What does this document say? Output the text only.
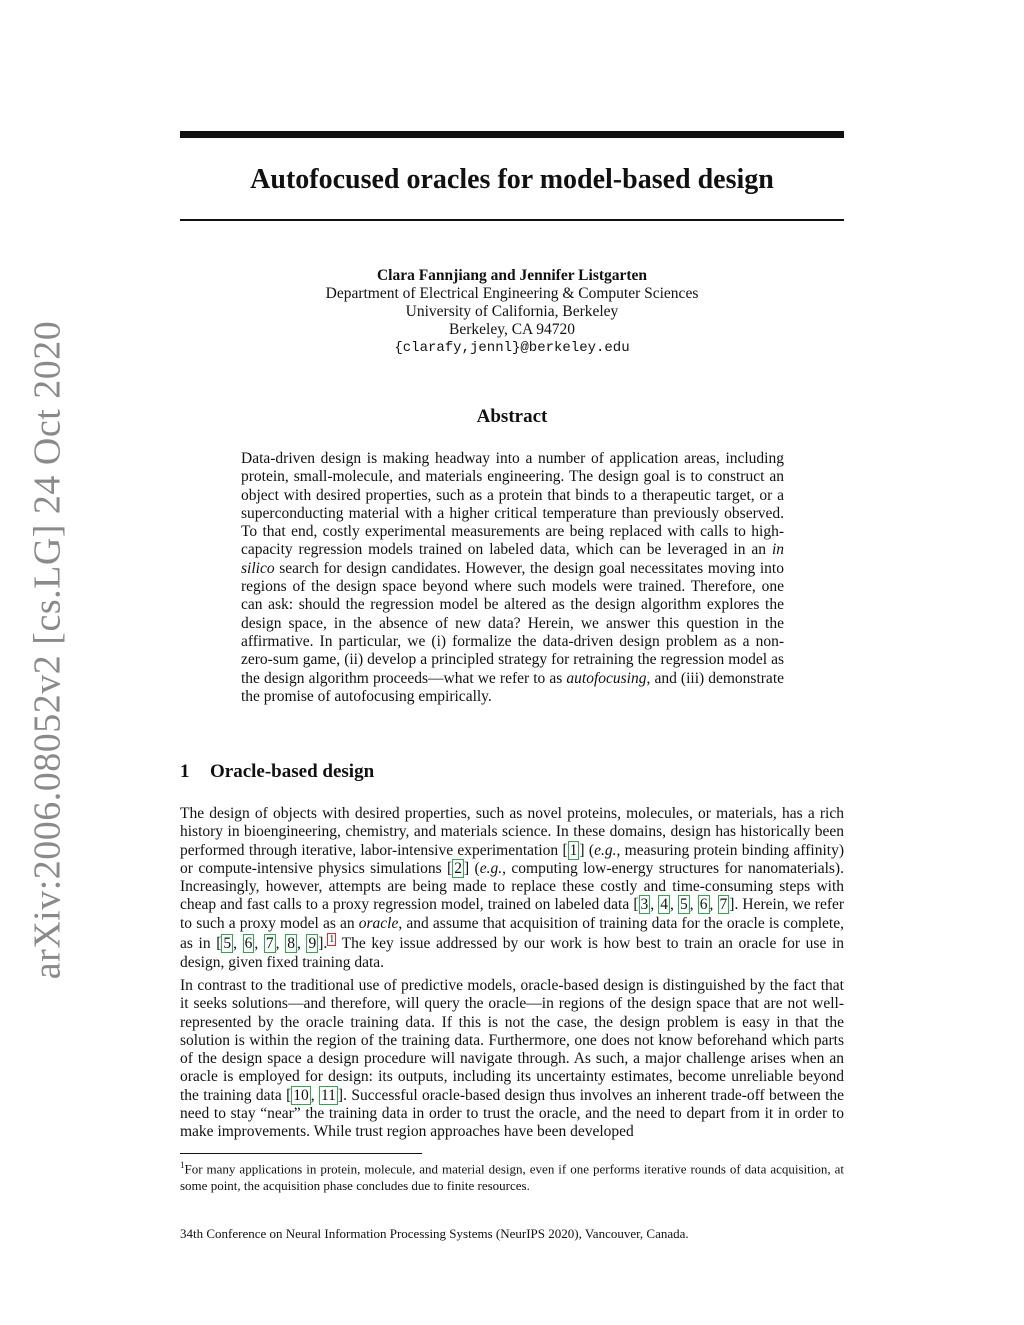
arXiv:2006.08052v2 [cs.LG] 24 Oct 2020
Autofocused oracles for model-based design
Clara Fannjiang and Jennifer Listgarten
Department of Electrical Engineering & Computer Sciences
University of California, Berkeley
Berkeley, CA 94720
{clarafy,jennl}@berkeley.edu
Abstract

Data-driven design is making headway into a number of application areas, including protein, small-molecule, and materials engineering. The design goal is to construct an object with desired properties, such as a protein that binds to a therapeutic target, or a superconducting material with a higher critical temperature than previously observed. To that end, costly experimental measurements are being replaced with calls to high-capacity regression models trained on labeled data, which can be leveraged in an in silico search for design candidates. However, the design goal necessitates moving into regions of the design space beyond where such models were trained. Therefore, one can ask: should the regression model be altered as the design algorithm explores the design space, in the absence of new data? Herein, we answer this question in the affirmative. In particular, we (i) formalize the data-driven design problem as a non-zero-sum game, (ii) develop a principled strategy for retraining the regression model as the design algorithm proceeds—what we refer to as autofocusing, and (iii) demonstrate the promise of autofocusing empirically.

1 Oracle-based design

The design of objects with desired properties, such as novel proteins, molecules, or materials, has a rich history in bioengineering, chemistry, and materials science. In these domains, design has historically been performed through iterative, labor-intensive experimentation [ 1 ] (e.g., measuring protein binding affinity) or compute-intensive physics simulations [ 2 ] (e.g., computing low-energy structures for nanomaterials). Increasingly, however, attempts are being made to replace these costly and time-consuming steps with cheap and fast calls to a proxy regression model, trained on labeled data [ 3 , 4 , 5 , 6 , 7 ]. Herein, we refer to such a proxy model as an oracle, and assume that acquisition of training data for the oracle is complete, as in [ 5 , 6 , 7 , 8 , 9 ]. 1 The key issue addressed by our work is how best to train an oracle for use in design, given fixed training data.

In contrast to the traditional use of predictive models, oracle-based design is distinguished by the fact that it seeks solutions—and therefore, will query the oracle—in regions of the design space that are not well-represented by the oracle training data. If this is not the case, the design problem is easy in that the solution is within the region of the training data. Furthermore, one does not know beforehand which parts of the design space a design procedure will navigate through. As such, a major challenge arises when an oracle is employed for design: its outputs, including its uncertainty estimates, become unreliable beyond the training data [ 10 , 11 ]. Successful oracle-based design thus involves an inherent trade-off between the need to stay “near” the training data in order to trust the oracle, and the need to depart from it in order to make improvements. While trust region approaches have been developed

$^1$For many applications in protein, molecule, and material design, even if one performs iterative rounds of data acquisition, at some point, the acquisition phase concludes due to finite resources.

34th Conference on Neural Information Processing Systems (NeurIPS 2020), Vancouver, Canada.
